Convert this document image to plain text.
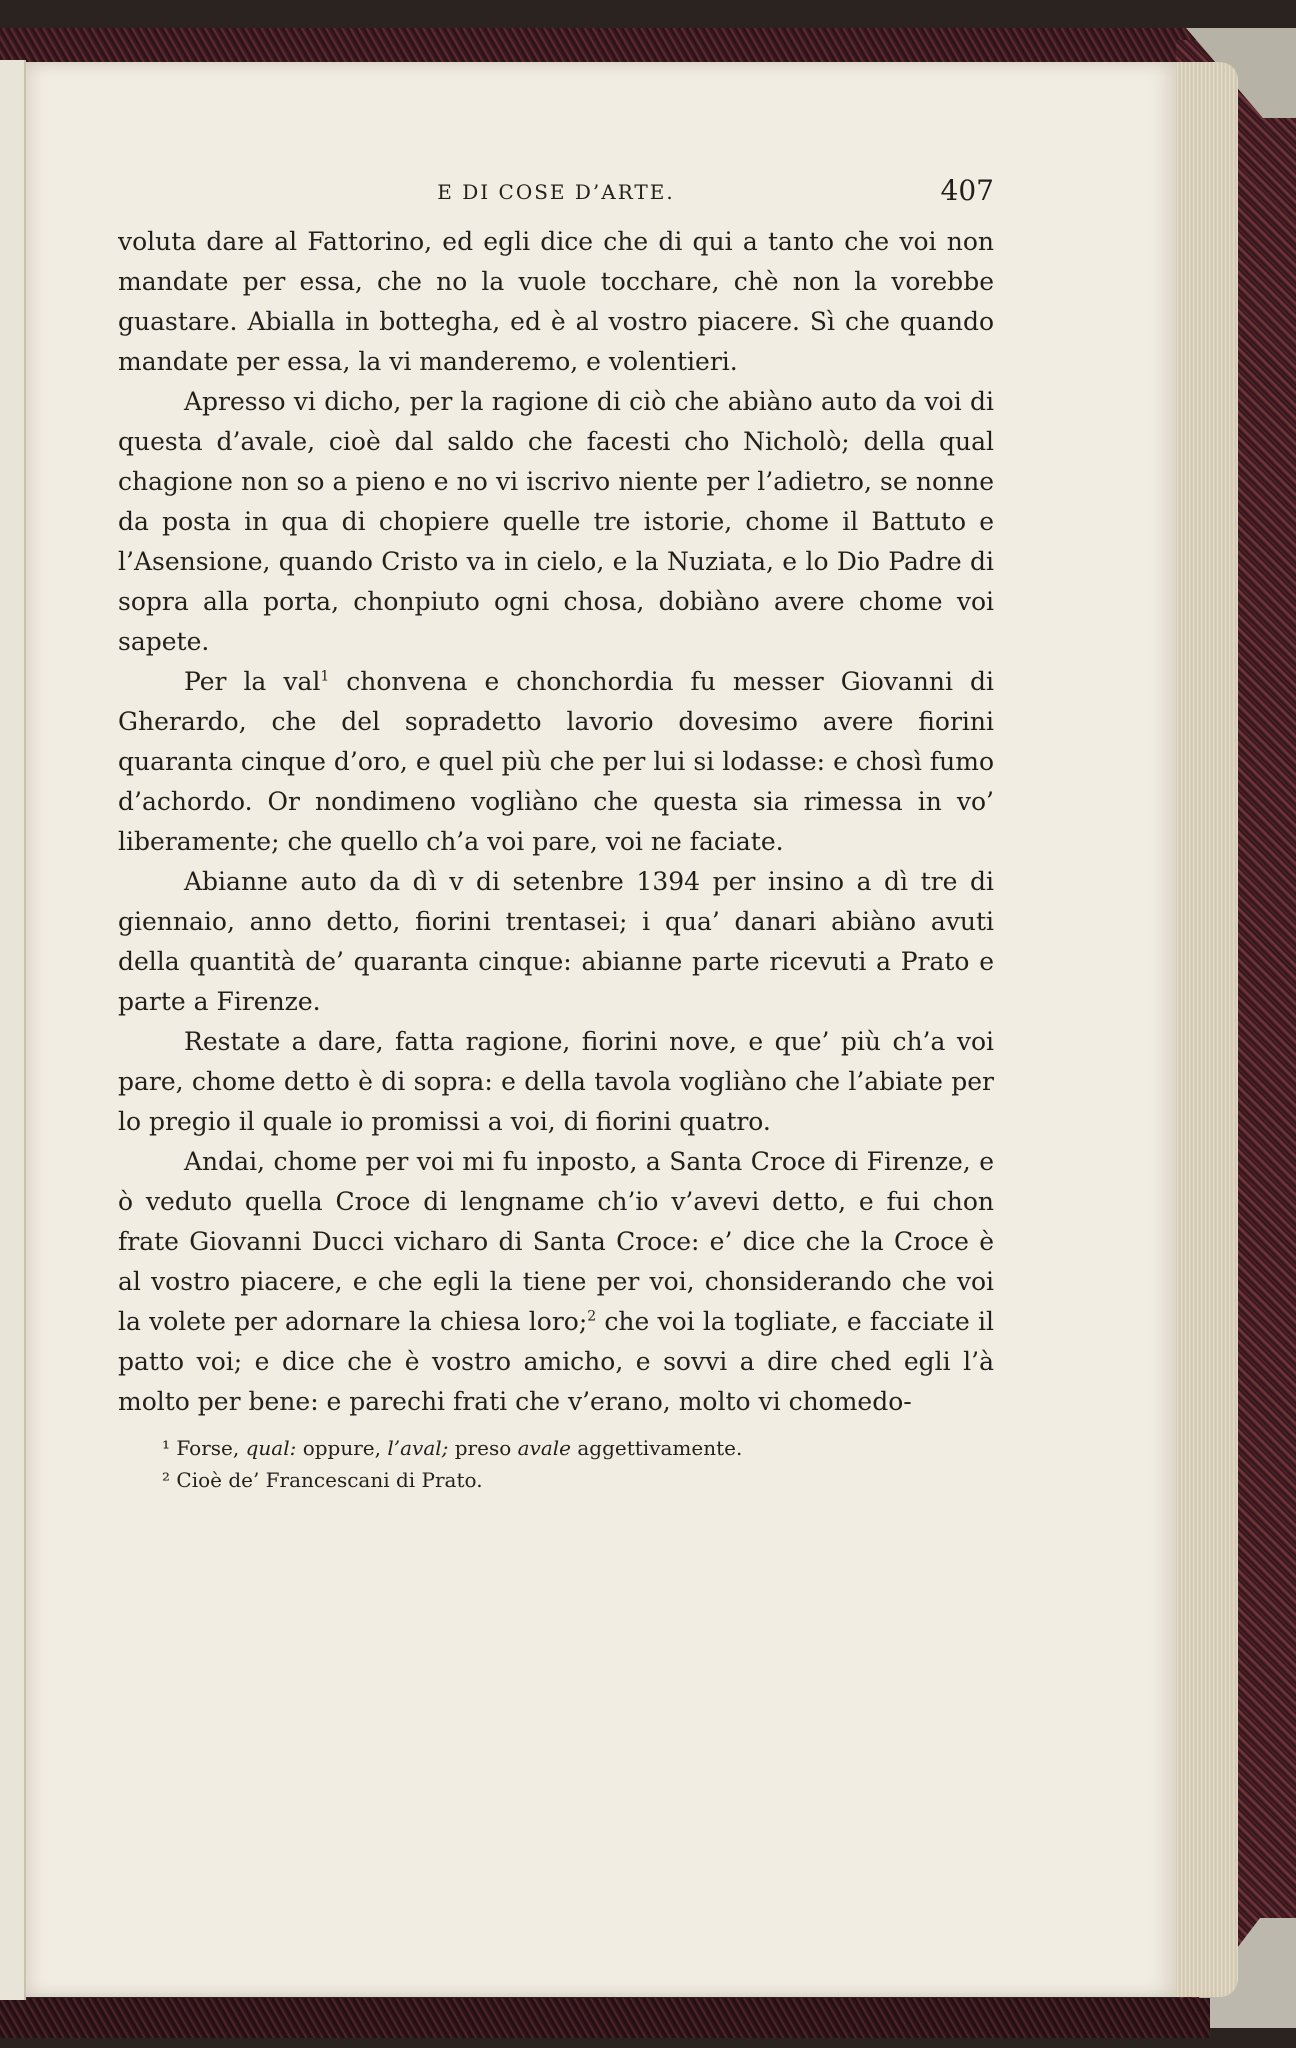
E DI COSE D’ARTE.	407

voluta dare al Fattorino, ed egli dice che di qui a tanto che voi non mandate per essa, che no la vuole tocchare, chè non la vorebbe guastare. Abialla in bottegha, ed è al vostro piacere. Sì che quando mandate per essa, la vi manderemo, e volentieri.

Apresso vi dicho, per la ragione di ciò che abiàno auto da voi di questa d’avale, cioè dal saldo che facesti cho Nicholò; della qual chagione non so a pieno e no vi iscrivo niente per l’adietro, se nonne da posta in qua di chopiere quelle tre istorie, chome il Battuto e l’Asensione, quando Cristo va in cielo, e la Nuziata, e lo Dio Padre di sopra alla porta, chonpiuto ogni chosa, dobiàno avere chome voi sapete.

Per la val$^1$ chonvena e chonchordia fu messer Giovanni di Gherardo, che del sopradetto lavorio dovesimo avere fiorini quaranta cinque d’oro, e quel più che per lui si lodasse: e chosì fumo d’achordo. Or nondimeno vogliàno che questa sia rimessa in vo’ liberamente; che quello ch’a voi pare, voi ne faciate.

Abianne auto da dì v di setenbre 1394 per insino a dì tre di giennaio, anno detto, fiorini trentasei; i qua’ danari abiàno avuti della quantità de’ quaranta cinque: abianne parte ricevuti a Prato e parte a Firenze.

Restate a dare, fatta ragione, fiorini nove, e que’ più ch’a voi pare, chome detto è di sopra: e della tavola vogliàno che l’abiate per lo pregio il quale io promissi a voi, di fiorini quatro.

Andai, chome per voi mi fu inposto, a Santa Croce di Firenze, e ò veduto quella Croce di lengname ch’io v’avevi detto, e fui chon frate Giovanni Ducci vicharo di Santa Croce: e’ dice che la Croce è al vostro piacere, e che egli la tiene per voi, chonsiderando che voi la volete per adornare la chiesa loro;$^2$ che voi la togliate, e facciate il patto voi; e dice che è vostro amicho, e sovvi a dire ched egli l’à molto per bene: e parechi frati che v’erano, molto vi chomedo-

¹ Forse, qual: oppure, l’aval; preso avale aggettivamente.
² Cioè de’ Francescani di Prato.
